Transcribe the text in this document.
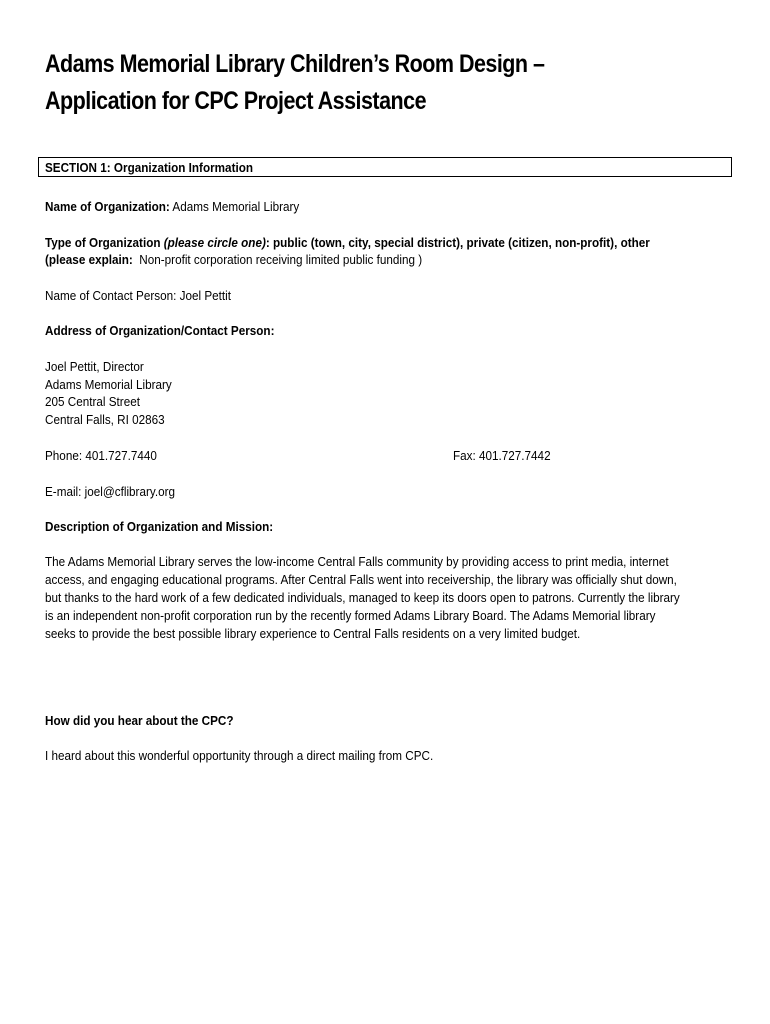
Adams Memorial Library Children’s Room Design –
Application for CPC Project Assistance
SECTION 1: Organization Information
Name of Organization: Adams Memorial Library
Type of Organization (please circle one): public (town, city, special district), private (citizen, non-profit), other
(please explain: Non-profit corporation receiving limited public funding )
Name of Contact Person: Joel Pettit
Address of Organization/Contact Person:
Joel Pettit, Director
Adams Memorial Library
205 Central Street
Central Falls, RI 02863
Phone: 401.727.7440	Fax: 401.727.7442
E-mail: joel@cflibrary.org
Description of Organization and Mission:
The Adams Memorial Library serves the low-income Central Falls community by providing access to print media, internet
access, and engaging educational programs. After Central Falls went into receivership, the library was officially shut down,
but thanks to the hard work of a few dedicated individuals, managed to keep its doors open to patrons. Currently the library
is an independent non-profit corporation run by the recently formed Adams Library Board. The Adams Memorial library
seeks to provide the best possible library experience to Central Falls residents on a very limited budget.
How did you hear about the CPC?
I heard about this wonderful opportunity through a direct mailing from CPC.
